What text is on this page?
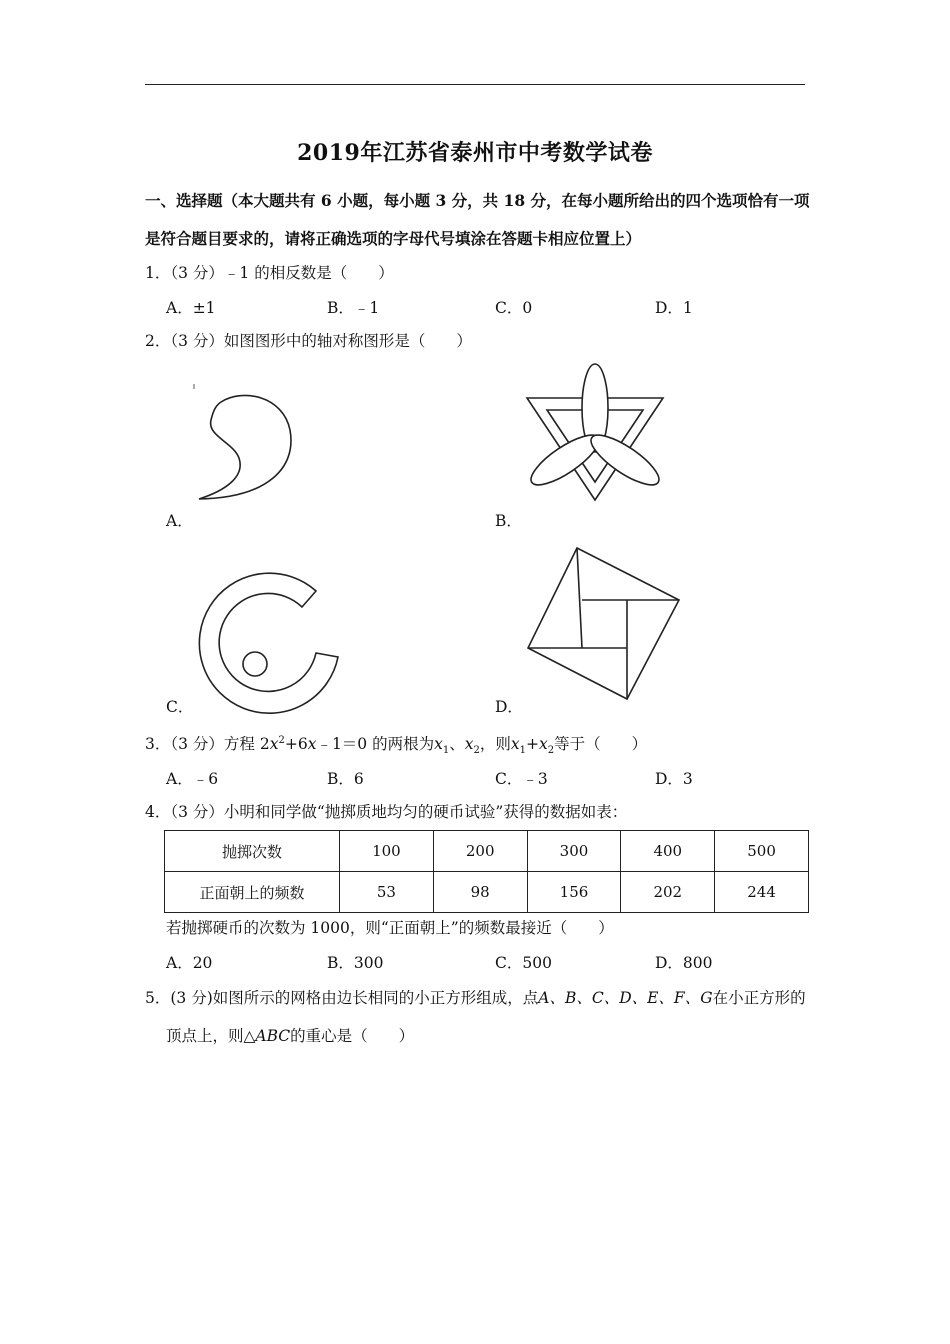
2019年江苏省泰州市中考数学试卷
一、选择题（本大题共有 6 小题，每小题 3 分，共 18 分，在每小题所给出的四个选项恰有一项
是符合题目要求的，请将正确选项的字母代号填涂在答题卡相应位置上）
1．（3 分）﹣1 的相反数是（　　）
A．±1	B．﹣1	C．0	D．1
2．（3 分）如图图形中的轴对称图形是（　　）
A．	B．
C．	D．
3．（3 分）方程 $2x^2+6x﹣1=0$ 的两根为$x_1$、$x_2$，则$x_1+x_2$等于（　　）
A．﹣6	B．6	C．﹣3	D．3
4．（3 分）小明和同学做“抛掷质地均匀的硬币试验”获得的数据如表：
抛掷次数	100	200	300	400	500
正面朝上的频数	53	98	156	202	244
若抛掷硬币的次数为 1000，则“正面朝上”的频数最接近（　　）
A．20	B．300	C．500	D．800
5．(3 分)如图所示的网格由边长相同的小正方形组成，点A、B、C、D、E、F、G在小正方形的
顶点上，则△ABC的重心是（　　）
